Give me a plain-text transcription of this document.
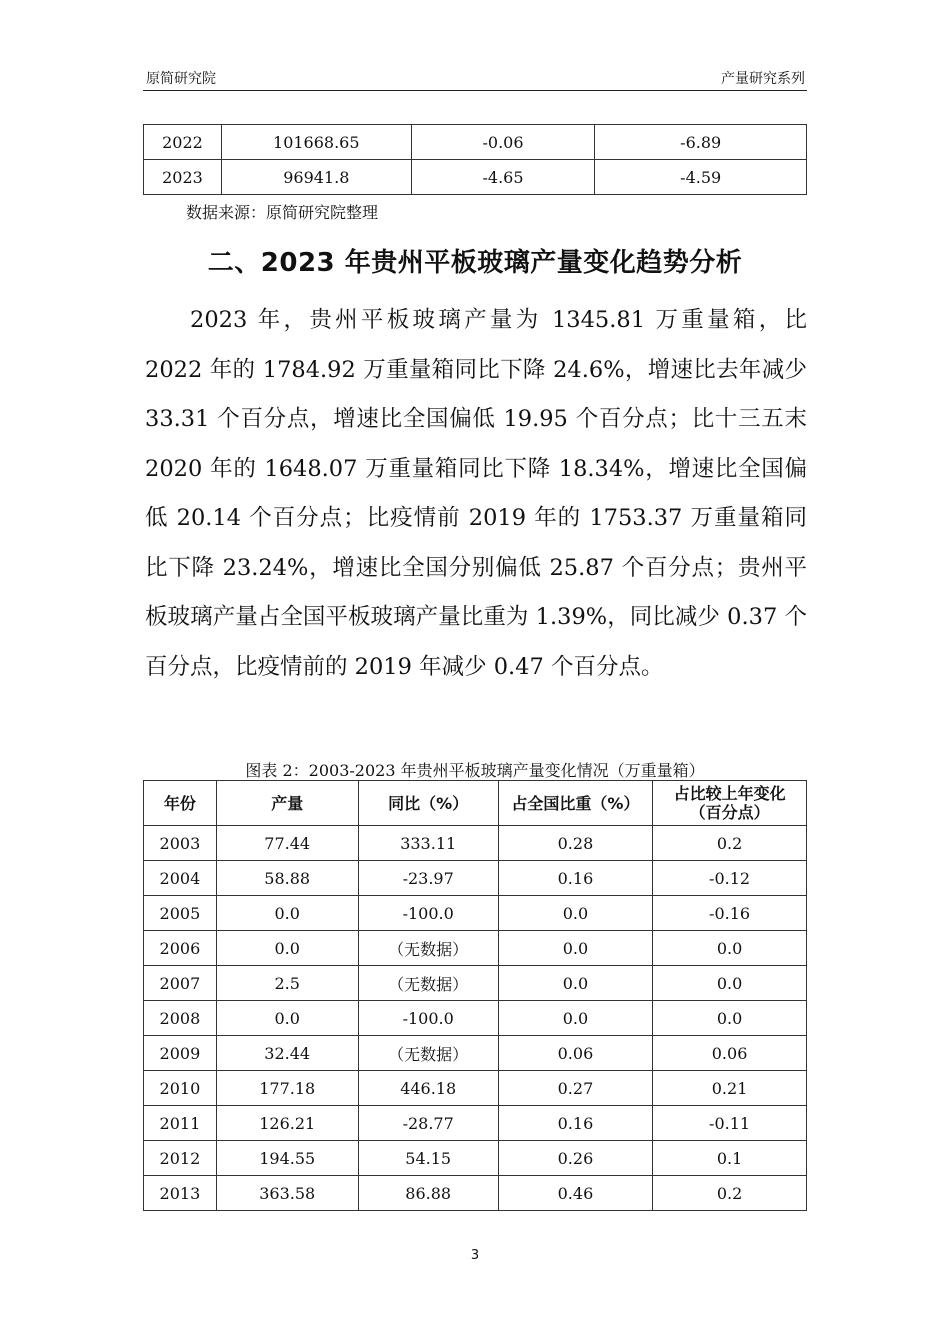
原简研究院	产量研究系列
2022	101668.65	-0.06	-6.89
2023	96941.8	-4.65	-4.59
数据来源：原简研究院整理
二、2023 年贵州平板玻璃产量变化趋势分析

2023 年，贵州平板玻璃产量为 1345.81 万重量箱，比 2022 年的 1784.92 万重量箱同比下降 24.6%，增速比去年减少 33.31 个百分点，增速比全国偏低 19.95 个百分点；比十三五末 2020 年的 1648.07 万重量箱同比下降 18.34%，增速比全国偏低 20.14 个百分点；比疫情前 2019 年的 1753.37 万重量箱同比下降 23.24%，增速比全国分别偏低 25.87 个百分点；贵州平板玻璃产量占全国平板玻璃产量比重为 1.39%，同比减少 0.37 个百分点，比疫情前的 2019 年减少 0.47 个百分点。

图表 2：2003-2023 年贵州平板玻璃产量变化情况（万重量箱）
年份	产量	同比（%）	占全国比重（%）	占比较上年变化（百分点）
2003	77.44	333.11	0.28	0.2
2004	58.88	-23.97	0.16	-0.12
2005	0.0	-100.0	0.0	-0.16
2006	0.0	（无数据）	0.0	0.0
2007	2.5	（无数据）	0.0	0.0
2008	0.0	-100.0	0.0	0.0
2009	32.44	（无数据）	0.06	0.06
2010	177.18	446.18	0.27	0.21
2011	126.21	-28.77	0.16	-0.11
2012	194.55	54.15	0.26	0.1
2013	363.58	86.88	0.46	0.2
3
